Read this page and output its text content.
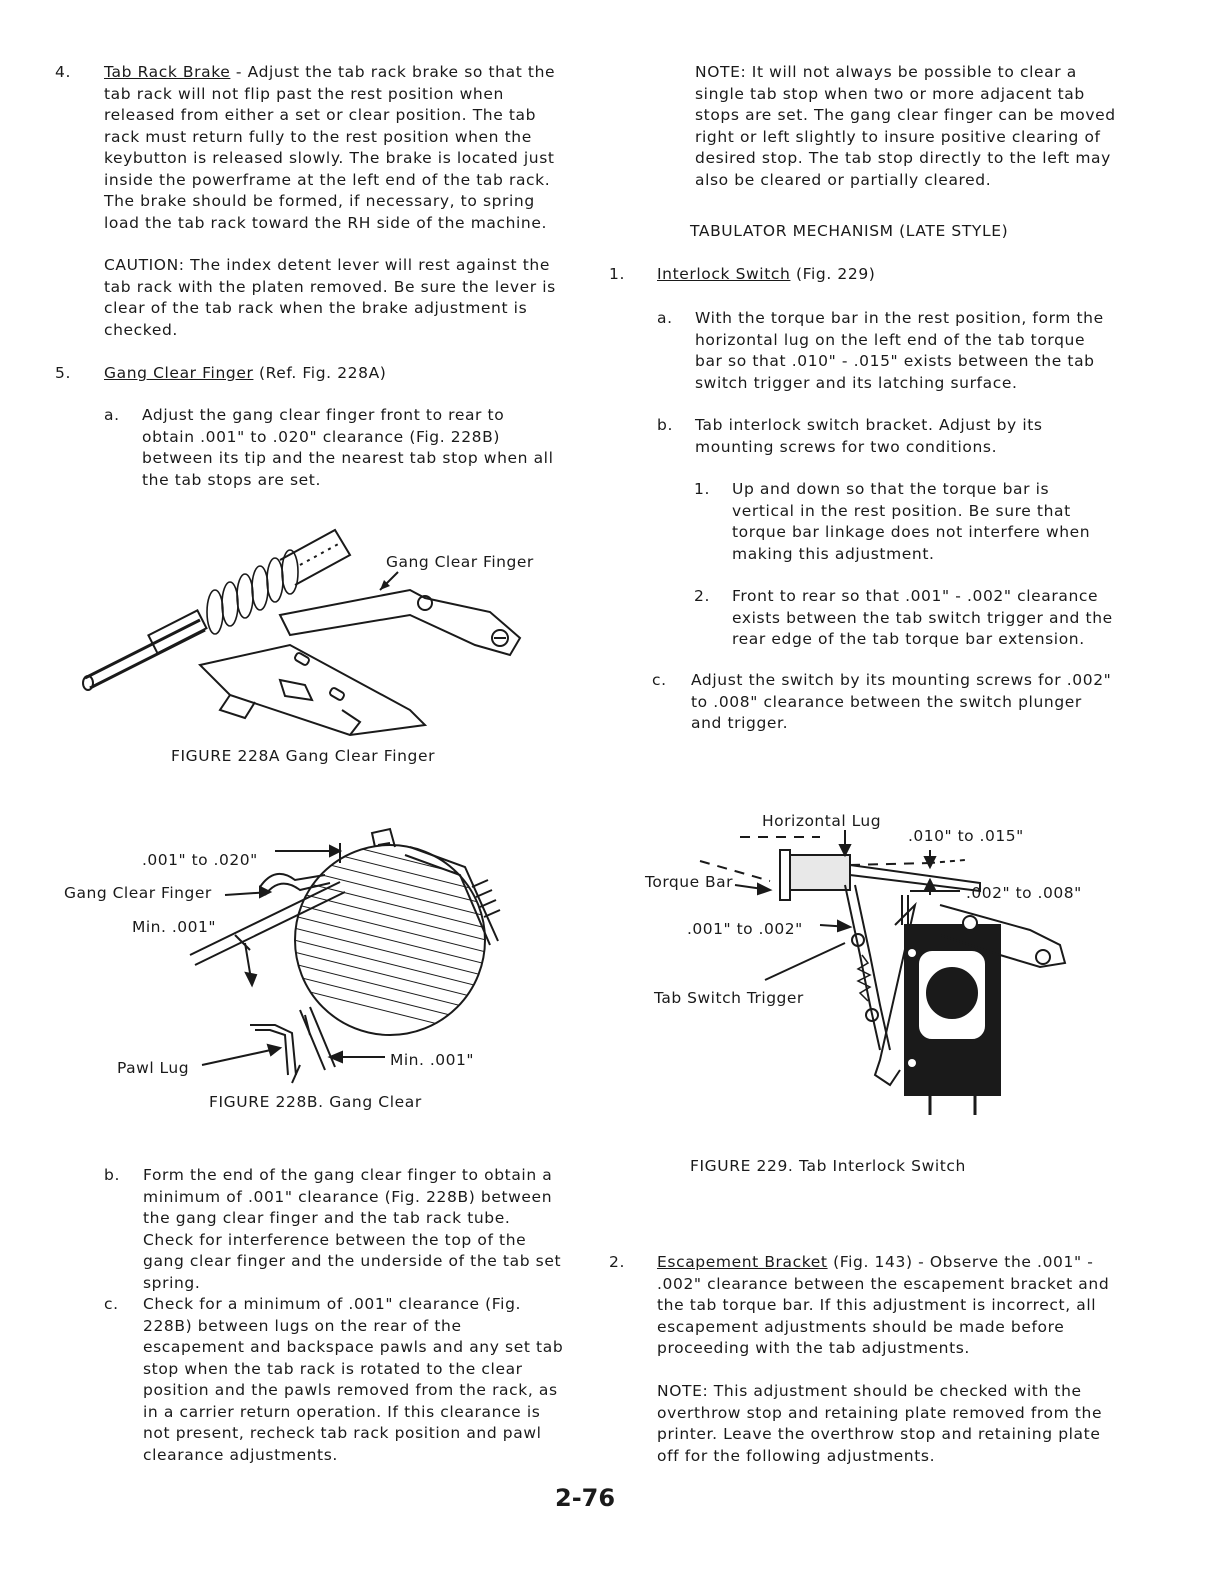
4. Tab Rack Brake - Adjust the tab rack brake so that the tab rack will not flip past the rest position when released from either a set or clear position. The tab rack must return fully to the rest position when the keybutton is released slowly. The brake is located just inside the powerframe at the left end of the tab rack. The brake should be formed, if necessary, to spring load the tab rack toward the RH side of the machine.
CAUTION: The index detent lever will rest against the tab rack with the platen removed. Be sure the lever is clear of the tab rack when the brake adjustment is checked.
5. Gang Clear Finger (Ref. Fig. 228A)
a. Adjust the gang clear finger front to rear to obtain .001" to .020" clearance (Fig. 228B) between its tip and the nearest tab stop when all the tab stops are set.
b. Form the end of the gang clear finger to obtain a minimum of .001" clearance (Fig. 228B) between the gang clear finger and the tab rack tube. Check for interference between the top of the gang clear finger and the underside of the tab set spring.
c. Check for a minimum of .001" clearance (Fig. 228B) between lugs on the rear of the escapement and backspace pawls and any set tab stop when the tab rack is rotated to the clear position and the pawls removed from the rack, as in a carrier return operation. If this clearance is not present, recheck tab rack position and pawl clearance adjustments.
Gang Clear Finger
FIGURE 228A Gang Clear Finger
.001" to .020"
Gang Clear Finger
Min. .001"
Pawl Lug	Min. .001"
FIGURE 228B. Gang Clear
NOTE: It will not always be possible to clear a single tab stop when two or more adjacent tab stops are set. The gang clear finger can be moved right or left slightly to insure positive clearing of desired stop. The tab stop directly to the left may also be cleared or partially cleared.
TABULATOR MECHANISM (LATE STYLE)
1. Interlock Switch (Fig. 229)
a. With the torque bar in the rest position, form the horizontal lug on the left end of the tab torque bar so that .010" - .015" exists between the tab switch trigger and its latching surface.
b. Tab interlock switch bracket. Adjust by its mounting screws for two conditions.
1. Up and down so that the torque bar is vertical in the rest position. Be sure that torque bar linkage does not interfere when making this adjustment.
2. Front to rear so that .001" - .002" clearance exists between the tab switch trigger and the rear edge of the tab torque bar extension.
c. Adjust the switch by its mounting screws for .002" to .008" clearance between the switch plunger and trigger.
2. Escapement Bracket (Fig. 143) - Observe the .001" - .002" clearance between the escapement bracket and the tab torque bar. If this adjustment is incorrect, all escapement adjustments should be made before proceeding with the tab adjustments.
NOTE: This adjustment should be checked with the overthrow stop and retaining plate removed from the printer. Leave the overthrow stop and retaining plate off for the following adjustments.
Horizontal Lug
.010" to .015"
Torque Bar
.002" to .008"
.001" to .002"
Tab Switch Trigger
FIGURE 229. Tab Interlock Switch
2-76
